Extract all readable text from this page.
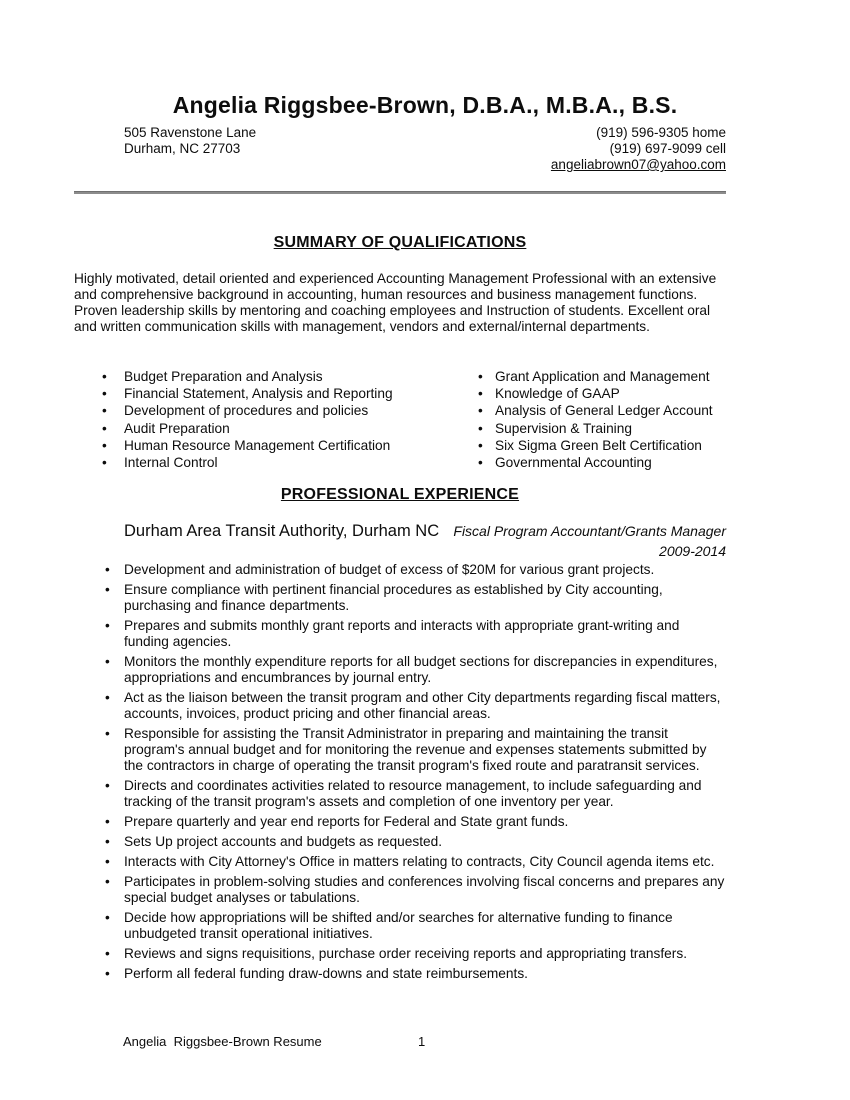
Angelia Riggsbee-Brown, D.B.A., M.B.A., B.S.
505 Ravenstone Lane
Durham, NC 27703
(919) 596-9305 home
(919) 697-9099 cell
angeliabrown07@yahoo.com
SUMMARY OF QUALIFICATIONS
Highly motivated, detail oriented and experienced Accounting Management Professional with an extensive and comprehensive background in accounting, human resources and business management functions. Proven leadership skills by mentoring and coaching employees and Instruction of students. Excellent oral and written communication skills with management, vendors and external/internal departments.
• Budget Preparation and Analysis
• Financial Statement, Analysis and Reporting
• Development of procedures and policies
• Audit Preparation
• Human Resource Management Certification
• Internal Control
• Grant Application and Management
• Knowledge of GAAP
• Analysis of General Ledger Account
• Supervision & Training
• Six Sigma Green Belt Certification
• Governmental Accounting
PROFESSIONAL EXPERIENCE
Durham Area Transit Authority, Durham NC Fiscal Program Accountant/Grants Manager
2009-2014
• Development and administration of budget of excess of $20M for various grant projects.
• Ensure compliance with pertinent financial procedures as established by City accounting, purchasing and finance departments.
• Prepares and submits monthly grant reports and interacts with appropriate grant-writing and funding agencies.
• Monitors the monthly expenditure reports for all budget sections for discrepancies in expenditures, appropriations and encumbrances by journal entry.
• Act as the liaison between the transit program and other City departments regarding fiscal matters, accounts, invoices, product pricing and other financial areas.
• Responsible for assisting the Transit Administrator in preparing and maintaining the transit program's annual budget and for monitoring the revenue and expenses statements submitted by the contractors in charge of operating the transit program's fixed route and paratransit services.
• Directs and coordinates activities related to resource management, to include safeguarding and tracking of the transit program's assets and completion of one inventory per year.
• Prepare quarterly and year end reports for Federal and State grant funds.
• Sets Up project accounts and budgets as requested.
• Interacts with City Attorney's Office in matters relating to contracts, City Council agenda items etc.
• Participates in problem-solving studies and conferences involving fiscal concerns and prepares any special budget analyses or tabulations.
• Decide how appropriations will be shifted and/or searches for alternative funding to finance unbudgeted transit operational initiatives.
• Reviews and signs requisitions, purchase order receiving reports and appropriating transfers.
• Perform all federal funding draw-downs and state reimbursements.
Angelia  Riggsbee-Brown Resume	1
